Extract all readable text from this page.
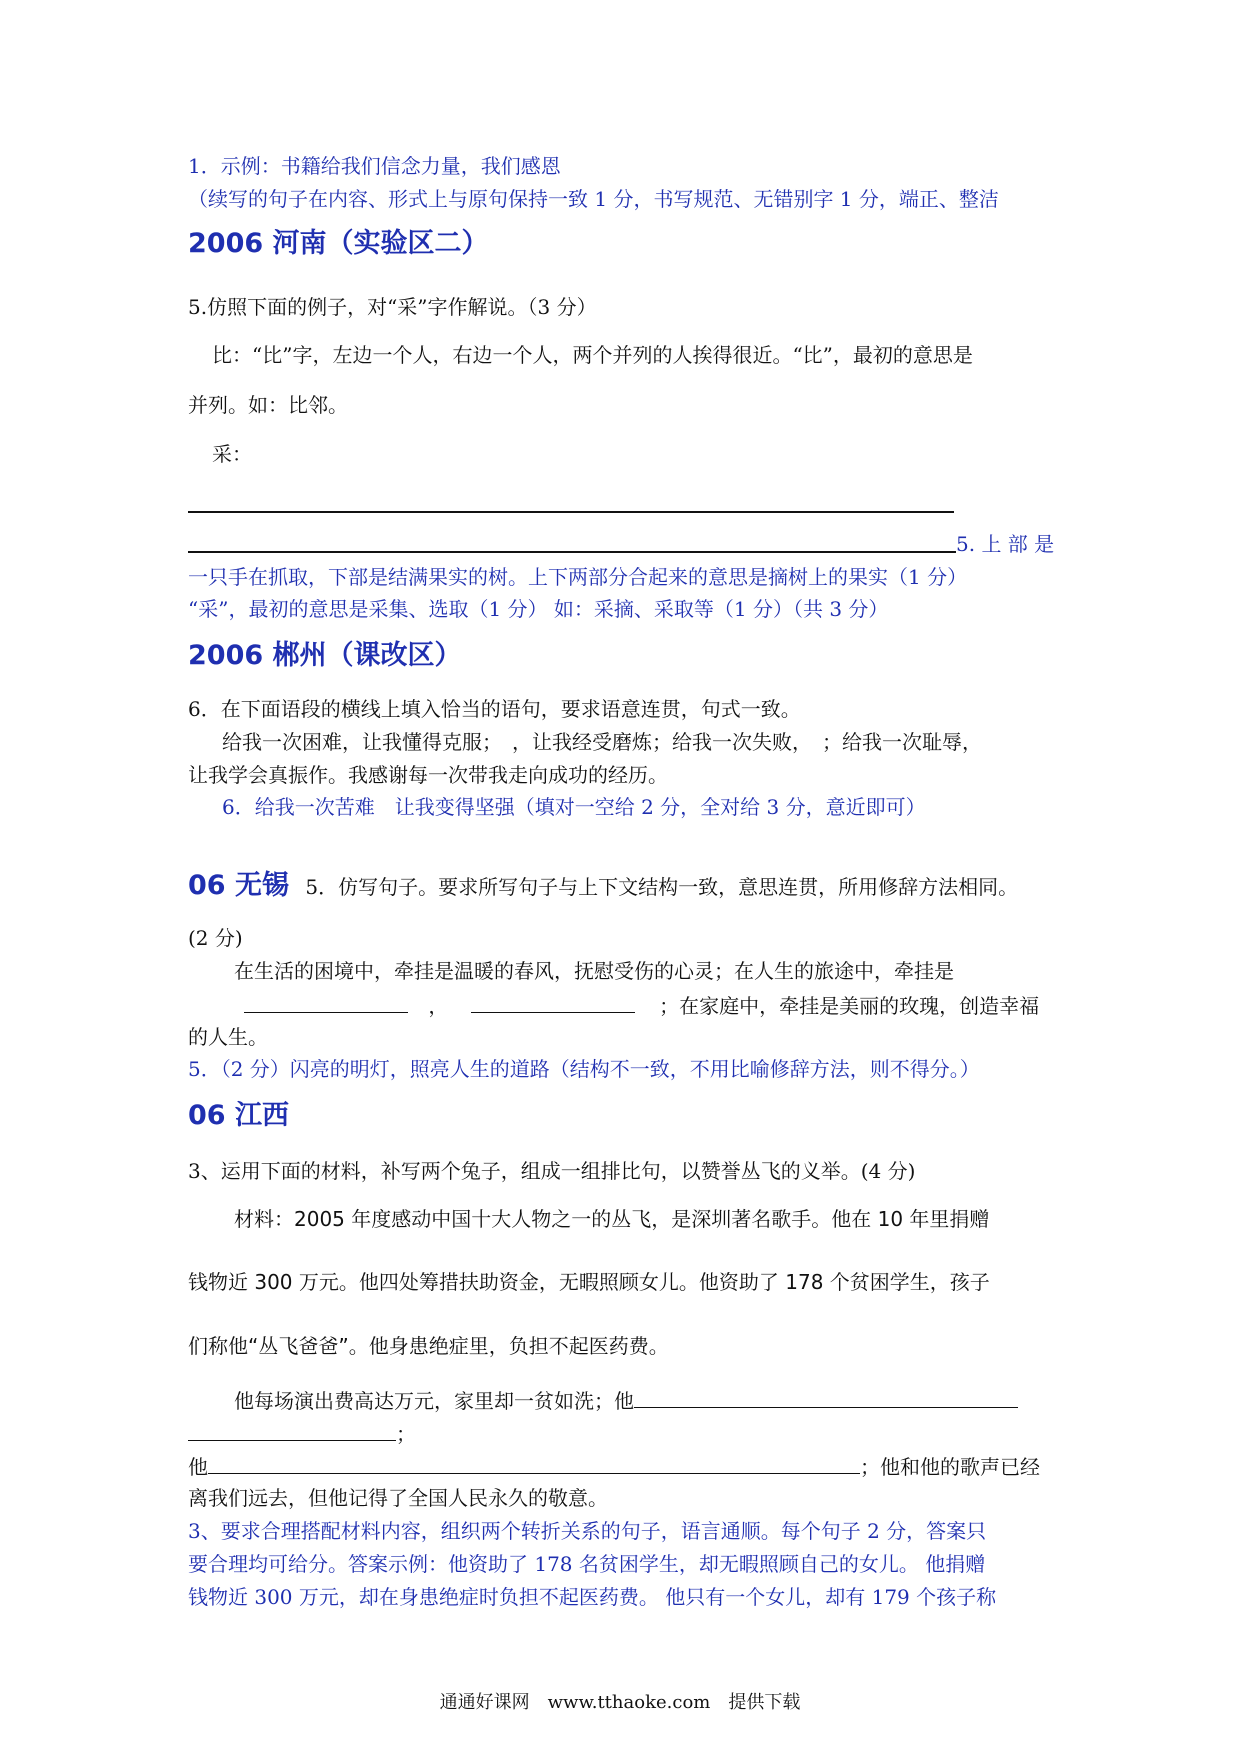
1．示例：书籍给我们信念力量，我们感恩
（续写的句子在内容、形式上与原句保持一致 1 分，书写规范、无错别字 1 分，端正、整洁
2006 河南（实验区二）
5.仿照下面的例子，对“采”字作解说。（3 分）
比：“比”字，左边一个人，右边一个人，两个并列的人挨得很近。“比”，最初的意思是
并列。如：比邻。
采：
5. 上 部 是
一只手在抓取，下部是结满果实的树。上下两部分合起来的意思是摘树上的果实（1 分）
“采”，最初的意思是采集、选取（1 分） 如：采摘、采取等（1 分）（共 3 分）
2006 郴州（课改区）
6．在下面语段的横线上填入恰当的语句，要求语意连贯，句式一致。
给我一次困难，让我懂得克服；　，让我经受磨炼；给我一次失败，　；给我一次耻辱，
让我学会真振作。我感谢每一次带我走向成功的经历。
6．给我一次苦难　让我变得坚强（填对一空给 2 分，全对给 3 分，意近即可）
06 无锡 5．仿写句子。要求所写句子与上下文结构一致，意思连贯，所用修辞方法相同。
(2 分)
在生活的困境中，牵挂是温暖的春风，抚慰受伤的心灵；在人生的旅途中，牵挂是
，	；在家庭中，牵挂是美丽的玫瑰，创造幸福
的人生。
5．（2 分）闪亮的明灯，照亮人生的道路（结构不一致，不用比喻修辞方法，则不得分。）
06 江西
3、运用下面的材料，补写两个兔子，组成一组排比句，以赞誉丛飞的义举。(4 分)
材料：2005 年度感动中国十大人物之一的丛飞，是深圳著名歌手。他在 10 年里捐赠
钱物近 300 万元。他四处筹措扶助资金，无暇照顾女儿。他资助了 178 个贫困学生，孩子
们称他“丛飞爸爸”。他身患绝症里，负担不起医药费。
他每场演出费高达万元，家里却一贫如洗；他
；
他	；他和他的歌声已经
离我们远去，但他记得了全国人民永久的敬意。
3、要求合理搭配材料内容，组织两个转折关系的句子，语言通顺。每个句子 2 分，答案只
要合理均可给分。答案示例：他资助了 178 名贫困学生，却无暇照顾自己的女儿。 他捐赠
钱物近 300 万元，却在身患绝症时负担不起医药费。 他只有一个女儿，却有 179 个孩子称
通通好课网　www.tthaoke.com　提供下载
